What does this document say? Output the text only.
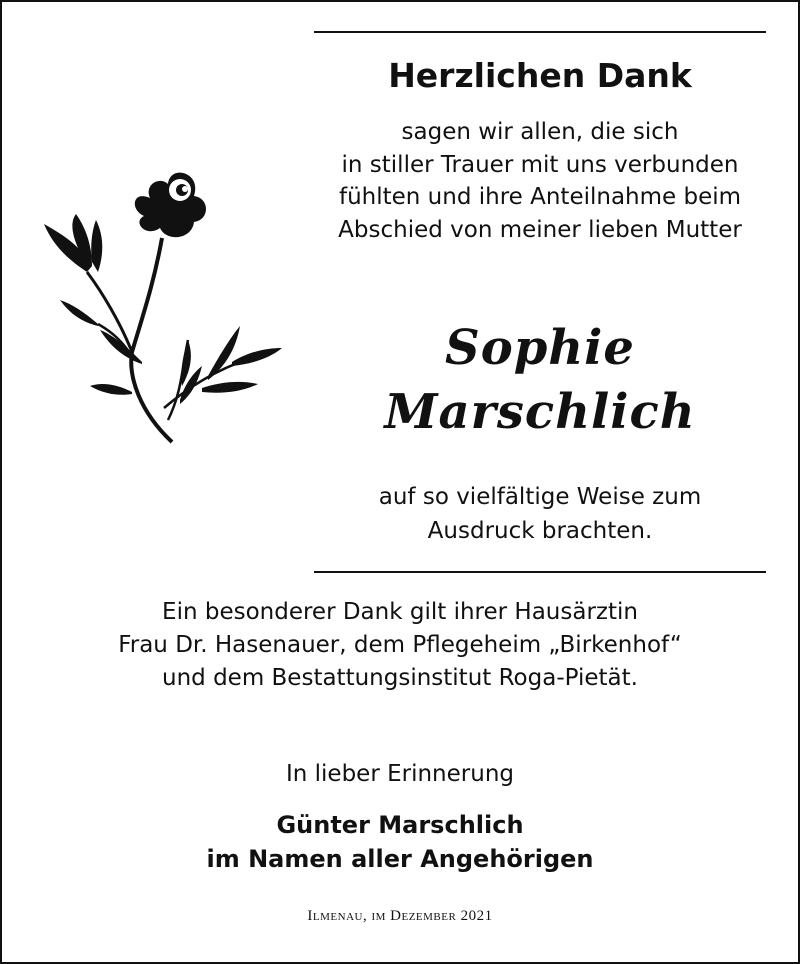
Herzlichen Dank
sagen wir allen, die sich
in stiller Trauer mit uns verbunden
fühlten und ihre Anteilnahme beim
Abschied von meiner lieben Mutter
Sophie
Marschlich
auf so vielfältige Weise zum
Ausdruck brachten.
Ein besonderer Dank gilt ihrer Hausärztin
Frau Dr. Hasenauer, dem Pflegeheim „Birkenhof“
und dem Bestattungsinstitut Roga-Pietät.
In lieber Erinnerung
Günter Marschlich
im Namen aller Angehörigen
Ilmenau, im Dezember 2021
